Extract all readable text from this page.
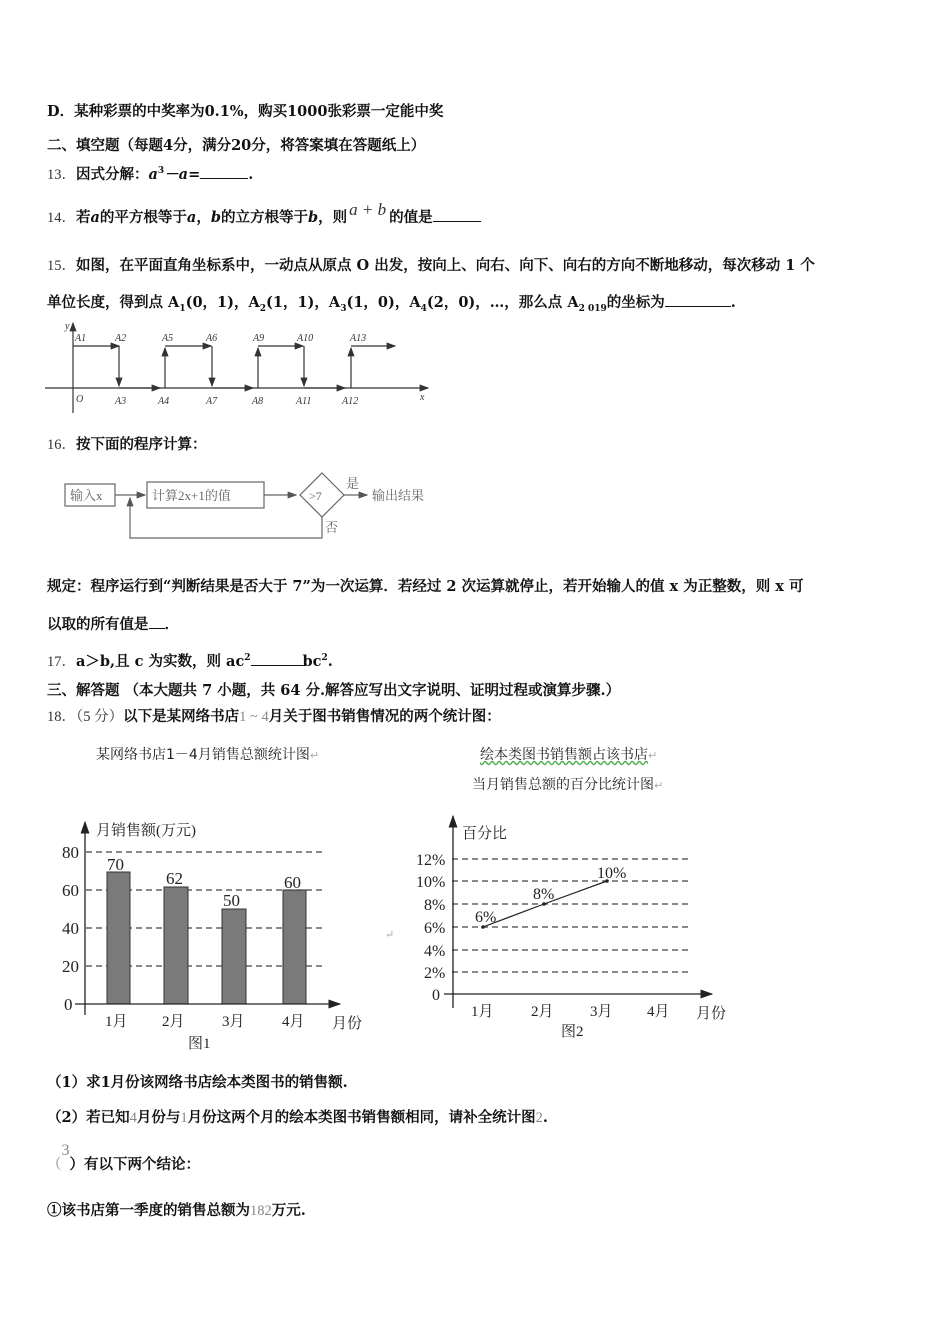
D．某种彩票的中奖率为0.1%，购买1000张彩票一定能中奖
二、填空题（每题4分，满分20分，将答案填在答题纸上）
13．因式分解：$a^3-a=$	.
14．若a的平方根等于a，b的立方根等于b，则 a + b 的值是
15．如图，在平面直角坐标系中，一动点从原点 O 出发，按向上、向右、向下、向右的方向不断地移动，每次移动 1 个
单位长度，得到点 $A_1(0$，1)，$A_2(1$，1)，$A_3(1$，0)，$A_4(2$，0)，…，那么点 $A_{2 019}$的坐标为	.
y
x
O
A1	A2	A5	A6	A9	A10	A13
A3	A4	A7	A8	A11	A12
16．按下面的程序计算：
输入x	计算2x+1的值	>7
是
否
输出结果
规定：程序运行到“判断结果是否大于 7”为一次运算．若经过 2 次运算就停止，若开始输人的值 x 为正整数，则 x 可
以取的所有值是 ．
17．a＞b,且 c 为实数，则 $ac^2$	$bc^2$.
三、解答题 （本大题共 7 小题，共 64 分.解答应写出文字说明、证明过程或演算步骤.）
18．（5 分）以下是某网络书店1 ~ 4月关于图书销售情况的两个统计图：
某网络书店1－4月销售总额统计图↵	绘本类图书销售额占该书店↵
当月销售总额的百分比统计图↵
80
60
40
20
0
70
62
50
60
1月 2月 3月 4月 月份
月销售额(万元)
图1
↵
12%
10%
8%
6%
4%
2%
0
6%
8%
10%
1月 2月 3月 4月 月份
百分比
图2
（1）求1月份该网络书店绘本类图书的销售额.
（2）若已知4月份与1月份这两个月的绘本类图书销售额相同，请补全统计图2.
（3）有以下两个结论：
①该书店第一季度的销售总额为182万元.
